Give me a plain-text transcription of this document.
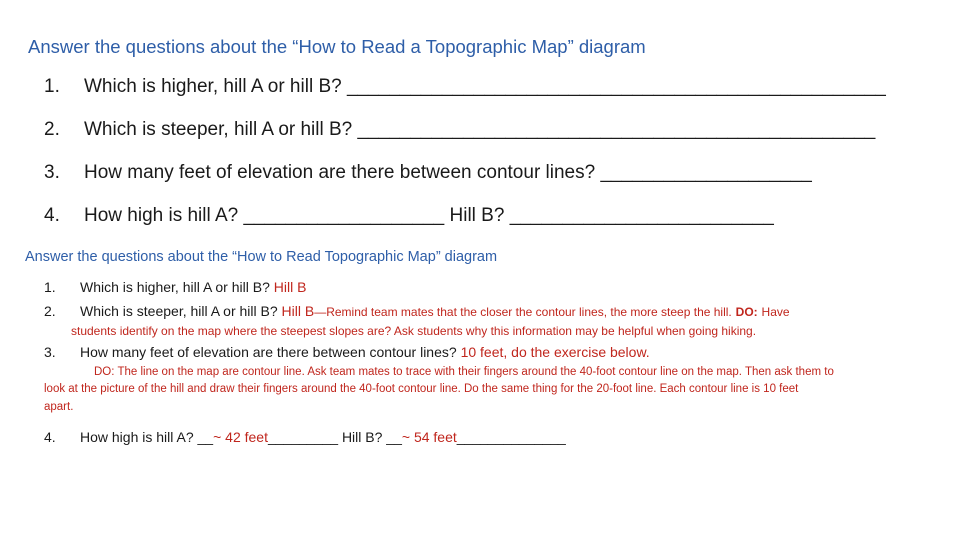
Answer the questions about the “How to Read a Topographic Map” diagram
1. Which is higher, hill A or hill B? ___________________________________________________
2. Which is steeper, hill A or hill B? _________________________________________________
3. How many feet of elevation are there between contour lines? ____________________
4. How high is hill A? ___________________ Hill B? _________________________
Answer the questions about the “How to Read Topographic Map” diagram
1. Which is higher, hill A or hill B? Hill B
2. Which is steeper, hill A or hill B? Hill B—Remind team mates that the closer the contour lines, the more steep the hill. DO: Have
students identify on the map where the steepest slopes are? Ask students why this information may be helpful when going hiking.
3. How many feet of elevation are there between contour lines? 10 feet, do the exercise below.
DO: The line on the map are contour line. Ask team mates to trace with their fingers around the 40-foot contour line on the map. Then ask them to
look at the picture of the hill and draw their fingers around the 40-foot contour line. Do the same thing for the 20-foot line. Each contour line is 10 feet
apart.
4. How high is hill A? __~ 42 feet_________ Hill B? __~ 54 feet______________
